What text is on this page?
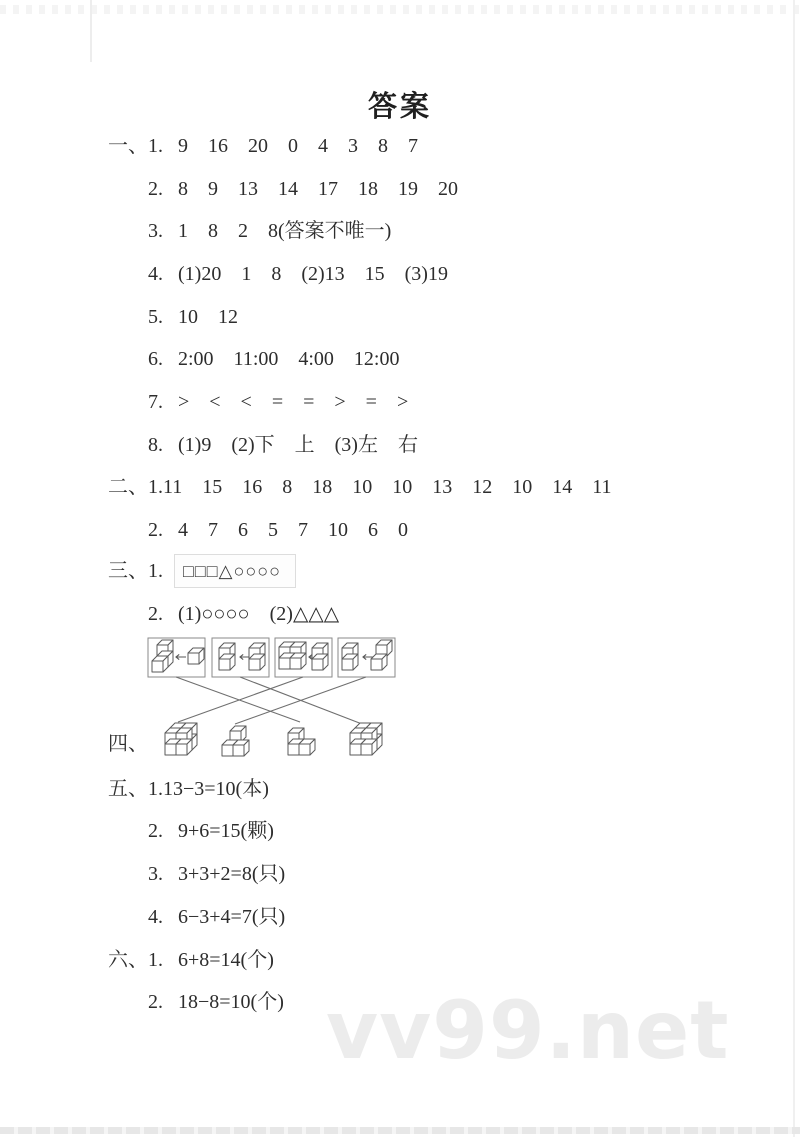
vv99.net
答案
一、 1. 9    16    20    0    4    3    8    7
2. 8    9    13    14    17    18    19    20
3. 1    8    2    8(答案不唯一)
4. (1)20    1    8    (2)13    15    (3)19
5. 10    12
6. 2:00    11:00    4:00    12:00
7. >    <    <    =    =    >    =    >
8. (1)9    (2)下    上    (3)左    右
二、 1.11    15    16    8    18    10    10    13    12    10    14    11
2. 4    7    6    5    7    10    6    0
三、 1.	□□□△○○○○
2. (1)○○○○    (2)△△△
四、
五、 1.13−3=10(本)
2. 9+6=15(颗)
3. 3+3+2=8(只)
4. 6−3+4=7(只)
六、 1. 6+8=14(个)
2. 18−8=10(个)
